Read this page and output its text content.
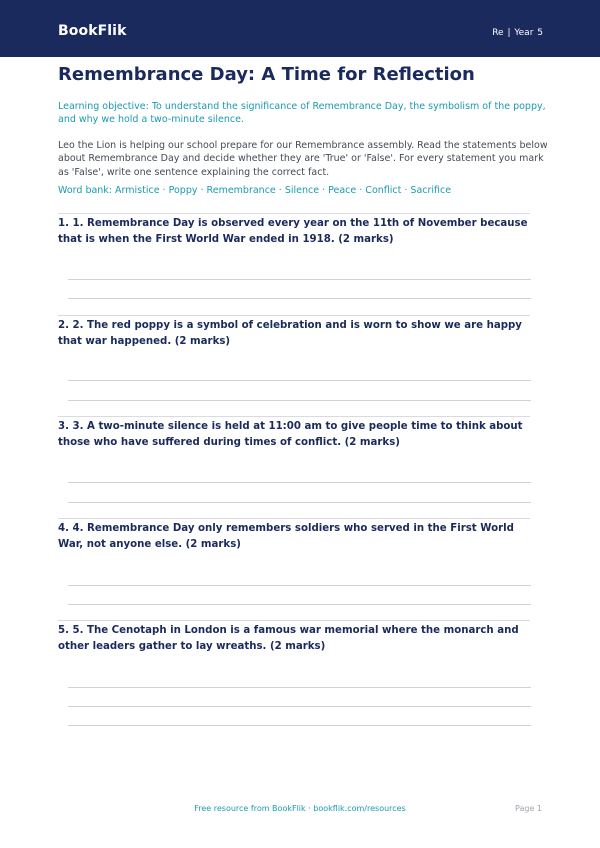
BookFlik	Re | Year 5
Remembrance Day: A Time for Reflection
Learning objective: To understand the significance of Remembrance Day, the symbolism of the poppy, and why we hold a two-minute silence.
Leo the Lion is helping our school prepare for our Remembrance assembly. Read the statements below about Remembrance Day and decide whether they are 'True' or 'False'. For every statement you mark as 'False', write one sentence explaining the correct fact.
Word bank: Armistice · Poppy · Remembrance · Silence · Peace · Conflict · Sacrifice
1. 1. Remembrance Day is observed every year on the 11th of November because that is when the First World War ended in 1918. (2 marks)
2. 2. The red poppy is a symbol of celebration and is worn to show we are happy that war happened. (2 marks)
3. 3. A two-minute silence is held at 11:00 am to give people time to think about those who have suffered during times of conflict. (2 marks)
4. 4. Remembrance Day only remembers soldiers who served in the First World War, not anyone else. (2 marks)
5. 5. The Cenotaph in London is a famous war memorial where the monarch and other leaders gather to lay wreaths. (2 marks)
Free resource from BookFlik · bookflik.com/resources	Page 1
